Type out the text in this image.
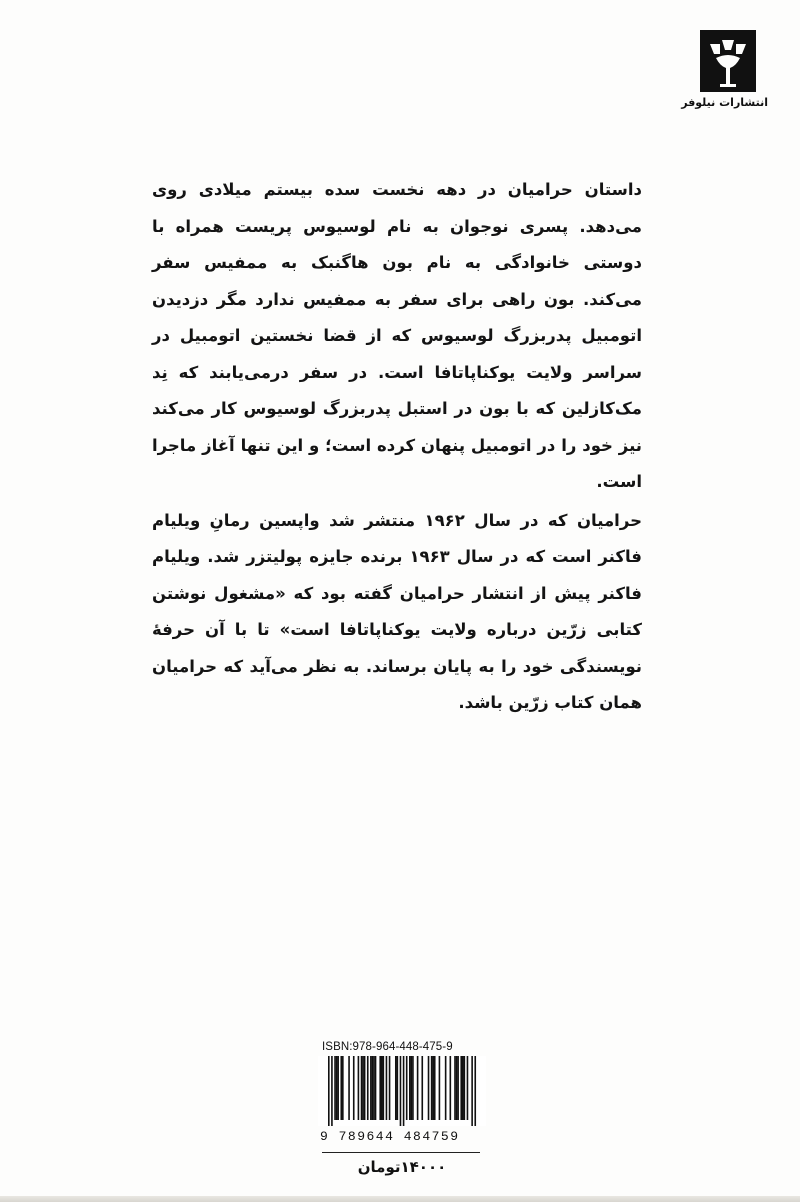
انتشارات نیلوفر

داستان حرامیان در دهه نخست سده بیستم میلادی روی می‌دهد. پسری نوجوان به نام لوسیوس پریست همراه با دوستی خانوادگی به نام بون هاگنبک به ممفیس سفر می‌کند. بون راهی برای سفر به ممفیس ندارد مگر دزدیدن اتومبیل پدربزرگ لوسیوس که از قضا نخستین اتومبیل در سراسر ولایت یوکناپاتافا است. در سفر درمی‌یابند که نِد مک‌کازلین که با بون در استبل پدربزرگ لوسیوس کار می‌کند نیز خود را در اتومبیل پنهان کرده است؛ و این تنها آغاز ماجرا است.

حرامیان که در سال ۱۹۶۲ منتشر شد واپسین رمانِ ویلیام فاکنر است که در سال ۱۹۶۳ برنده جایزه پولیتزر شد. ویلیام فاکنر پیش از انتشار حرامیان گفته بود که «مشغول نوشتن کتابی زرّین درباره ولایت یوکناپاتافا است» تا با آن حرفهٔ نویسندگی خود را به پایان برساند. به نظر می‌آید که حرامیان همان کتاب زرّین باشد.

ISBN:978-964-448-475-9
9 789644 484759
۱۴۰۰۰تومان
